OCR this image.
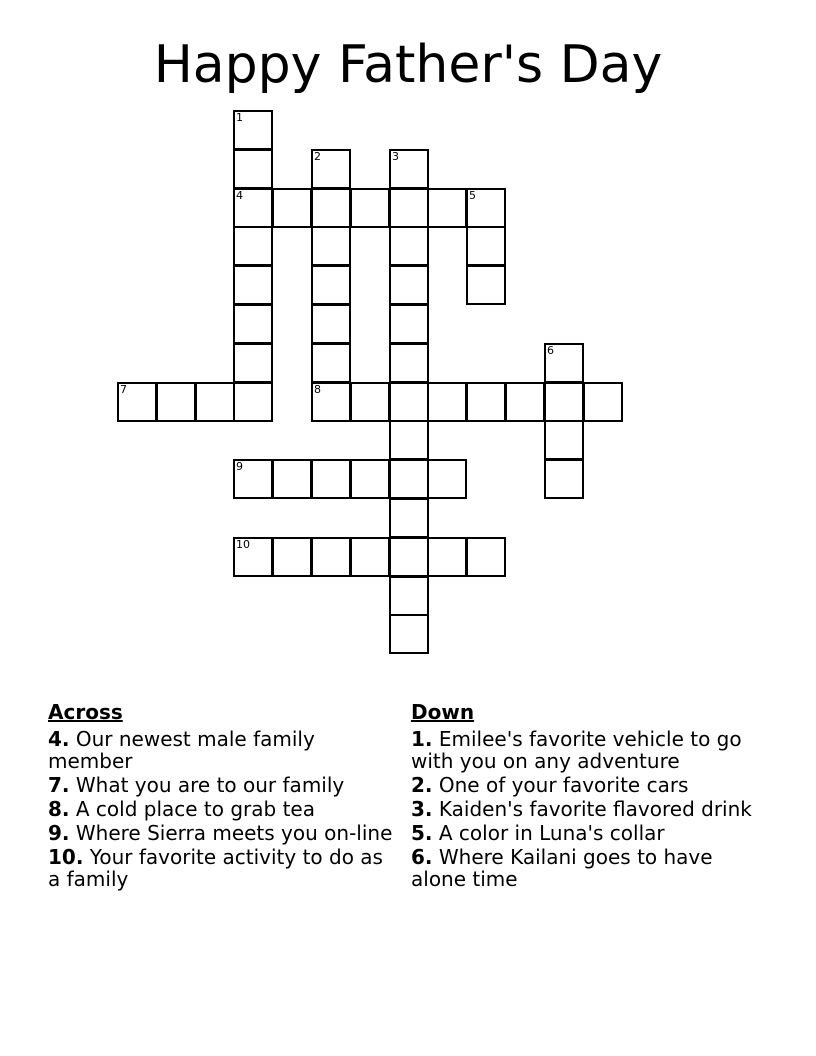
Happy Father's Day
1
2	3
4	5
6
7	8
9
10
Across
4. Our newest male family member
7. What you are to our family
8. A cold place to grab tea
9. Where Sierra meets you on-line
10. Your favorite activity to do as a family
Down
1. Emilee's favorite vehicle to go with you on any adventure
2. One of your favorite cars
3. Kaiden's favorite flavored drink
5. A color in Luna's collar
6. Where Kailani goes to have alone time
